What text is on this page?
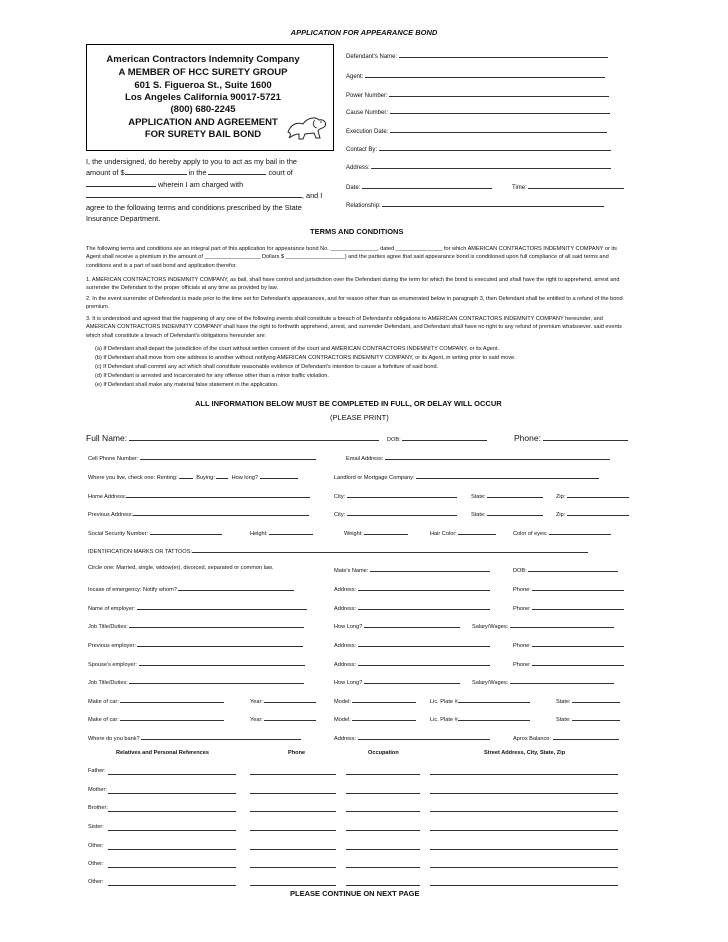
APPLICATION FOR APPEARANCE BOND
American Contractors Indemnity Company
A MEMBER OF HCC SURETY GROUP
601 S. Figueroa St., Suite 1600
Los Angeles California 90017-5721
(800) 680-2245
APPLICATION AND AGREEMENT
FOR SURETY BAIL BOND
Defendant's Name:
Agent:
Power Number:
Cause Number:
Execution Date:
Contact By:
Address:
Date:	Time:
Relationship:
I, the undersigned, do hereby apply to you to act as my bail in the
amount of $	in the	court of
wherein I am charged with
, and I
agree to the following terms and conditions prescribed by the State
Insurance Department.
TERMS AND CONDITIONS
The following terms and conditions are an integral part of this application for appearance bond No. _______________, dated _______________ for which AMERICAN CONTRACTORS INDEMNITY COMPANY or its Agent shall receive a premium in the amount of __________________ Dollars $ ___________________) and the parties agree that said appearance bond is conditioned upon full compliance of all said terms and conditions and is a part of said bond and application therefor.
1. AMERICAN CONTRACTORS INDEMNITY COMPANY, as bail, shall have control and jurisdiction over the Defendant during the term for which the bond is executed and shall have the right to apprehend, arrest and surrender the Defendant to the proper officials at any time as provided by law.
2. In the event surrender of Defendant is made prior to the time set for Defendant's appearances, and for reason other than as enumerated below in paragraph 3, then Defendant shall be entitled to a refund of the bond premium.
3. It is understood and agreed that the happening of any one of the following events shall constitute a breach of Defendant's obligations to AMERICAN CONTRACTORS INDEMNITY COMPANY hereunder, and AMERICAN CONTRACTORS INDEMNITY COMPANY shall have the right to forthwith apprehend, arrest, and surrender Defendant, and Defendant shall have no right to any refund of premium whatsoever. said events which shall constitute a breach of Defendant's obligations hereunder are:
(a) If Defendant shall depart the jurisdiction of the court without written consent of the court and AMERICAN CONTRACTORS INDEMNITY COMPANY, or its Agent.
(b) If Defendant shall move from one address to another without notifying AMERICAN CONTRACTORS INDEMNITY COMPANY, or its Agent, in writing prior to said move.
(c) If Defendant shall commit any act which shall constitute reasonable evidence of Defendant's intention to cause a forfeiture of said bond.
(d) If Defendant is arrested and incarcerated for any offense other than a minor traffic violation.
(e) If Defendant shall make any material false statement in the application.
ALL INFORMATION BELOW MUST BE COMPLETED IN FULL, OR DELAY WILL OCCUR
(PLEASE PRINT)
Full Name:	DOB:	Phone:
Cell Phone Number:	Email Address:
Where you live, check one: Renting:	Buying:	How long?	Landlord or Mortgage Company:
Home Address:	City:	State:	Zip:
Previous Address:	City:	State:	Zip:
Social Security Number:	Height:	Weight:	Hair Color:	Color of eyes:
IDENTIFICATION MARKS OR TATTOOS:
Circle one: Married, single, widow(er), divorced, separated or common law.	Mate's Name:	DOB:
Incase of emergency: Notify whom?	Address:	Phone:
Name of employer:	Address:	Phone:
Job Title/Duties:	How Long?	Salary/Wages:
Previous employer:	Address:	Phone:
Spouse's employer:	Address:	Phone:
Job Title/Duties:	How Long?	Salary/Wages:
Make of car:	Year:	Model:	Lic. Plate #	State:
Make of car:	Year:	Model:	Lic. Plate #	State:
Where do you bank?	Address:	Aprox Balance:
Relatives and Personal References	Phone	Occupation	Street Address, City, State, Zip
Father:
Mother:
Brother:
Sister:
Other:
Other:
Other:
PLEASE CONTINUE ON NEXT PAGE
